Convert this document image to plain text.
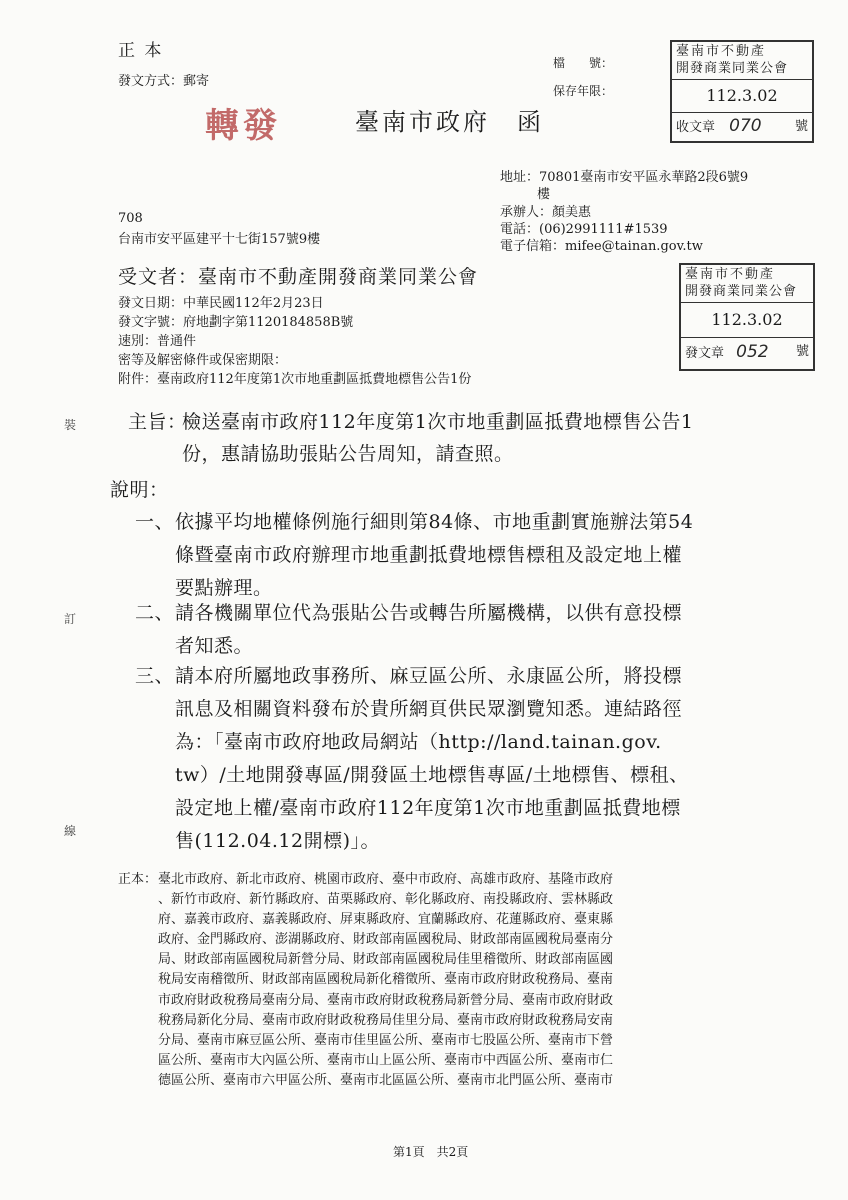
正 本
發文方式：郵寄
轉發	臺南市政府　函
檔　　號：
保存年限：
臺南市不動產
開發商業同業公會
112.3.02
收文章 070	號
地址：70801臺南市安平區永華路2段6號9
樓
承辦人：顏美惠
電話：(06)2991111#1539
電子信箱：mifee@tainan.gov.tw
708
台南市安平區建平十七街157號9樓
受文者：臺南市不動產開發商業同業公會
發文日期：中華民國112年2月23日
發文字號：府地劃字第1120184858B號
速別：普通件
密等及解密條件或保密期限：
附件：臺南政府112年度第1次市地重劃區抵費地標售公告1份
臺南市不動產
開發商業同業公會
112.3.02
發文章 052 號
裝
訂
線
主旨：
檢送臺南市政府112年度第1次市地重劃區抵費地標售公告1
份，惠請協助張貼公告周知，請查照。
說明：
一、 依據平均地權條例施行細則第84條、市地重劃實施辦法第54
條暨臺南市政府辦理市地重劃抵費地標售標租及設定地上權
要點辦理。
二、 請各機關單位代為張貼公告或轉告所屬機構，以供有意投標
者知悉。
三、 請本府所屬地政事務所、麻豆區公所、永康區公所，將投標
訊息及相關資料發布於貴所網頁供民眾瀏覽知悉。連結路徑
為：「臺南市政府地政局網站（http://land.tainan.gov.
tw）/土地開發專區/開發區土地標售專區/土地標售、標租、
設定地上權/臺南市政府112年度第1次市地重劃區抵費地標
售(112.04.12開標)」。
正本： 臺北市政府、新北市政府、桃園市政府、臺中市政府、高雄市政府、基隆市政府
、新竹市政府、新竹縣政府、苗栗縣政府、彰化縣政府、南投縣政府、雲林縣政
府、嘉義市政府、嘉義縣政府、屏東縣政府、宜蘭縣政府、花蓮縣政府、臺東縣
政府、金門縣政府、澎湖縣政府、財政部南區國稅局、財政部南區國稅局臺南分
局、財政部南區國稅局新營分局、財政部南區國稅局佳里稽徵所、財政部南區國
稅局安南稽徵所、財政部南區國稅局新化稽徵所、臺南市政府財政稅務局、臺南
市政府財政稅務局臺南分局、臺南市政府財政稅務局新營分局、臺南市政府財政
稅務局新化分局、臺南市政府財政稅務局佳里分局、臺南市政府財政稅務局安南
分局、臺南市麻豆區公所、臺南市佳里區公所、臺南市七股區公所、臺南市下營
區公所、臺南市大內區公所、臺南市山上區公所、臺南市中西區公所、臺南市仁
德區公所、臺南市六甲區公所、臺南市北區區公所、臺南市北門區公所、臺南市
第1頁　共2頁
